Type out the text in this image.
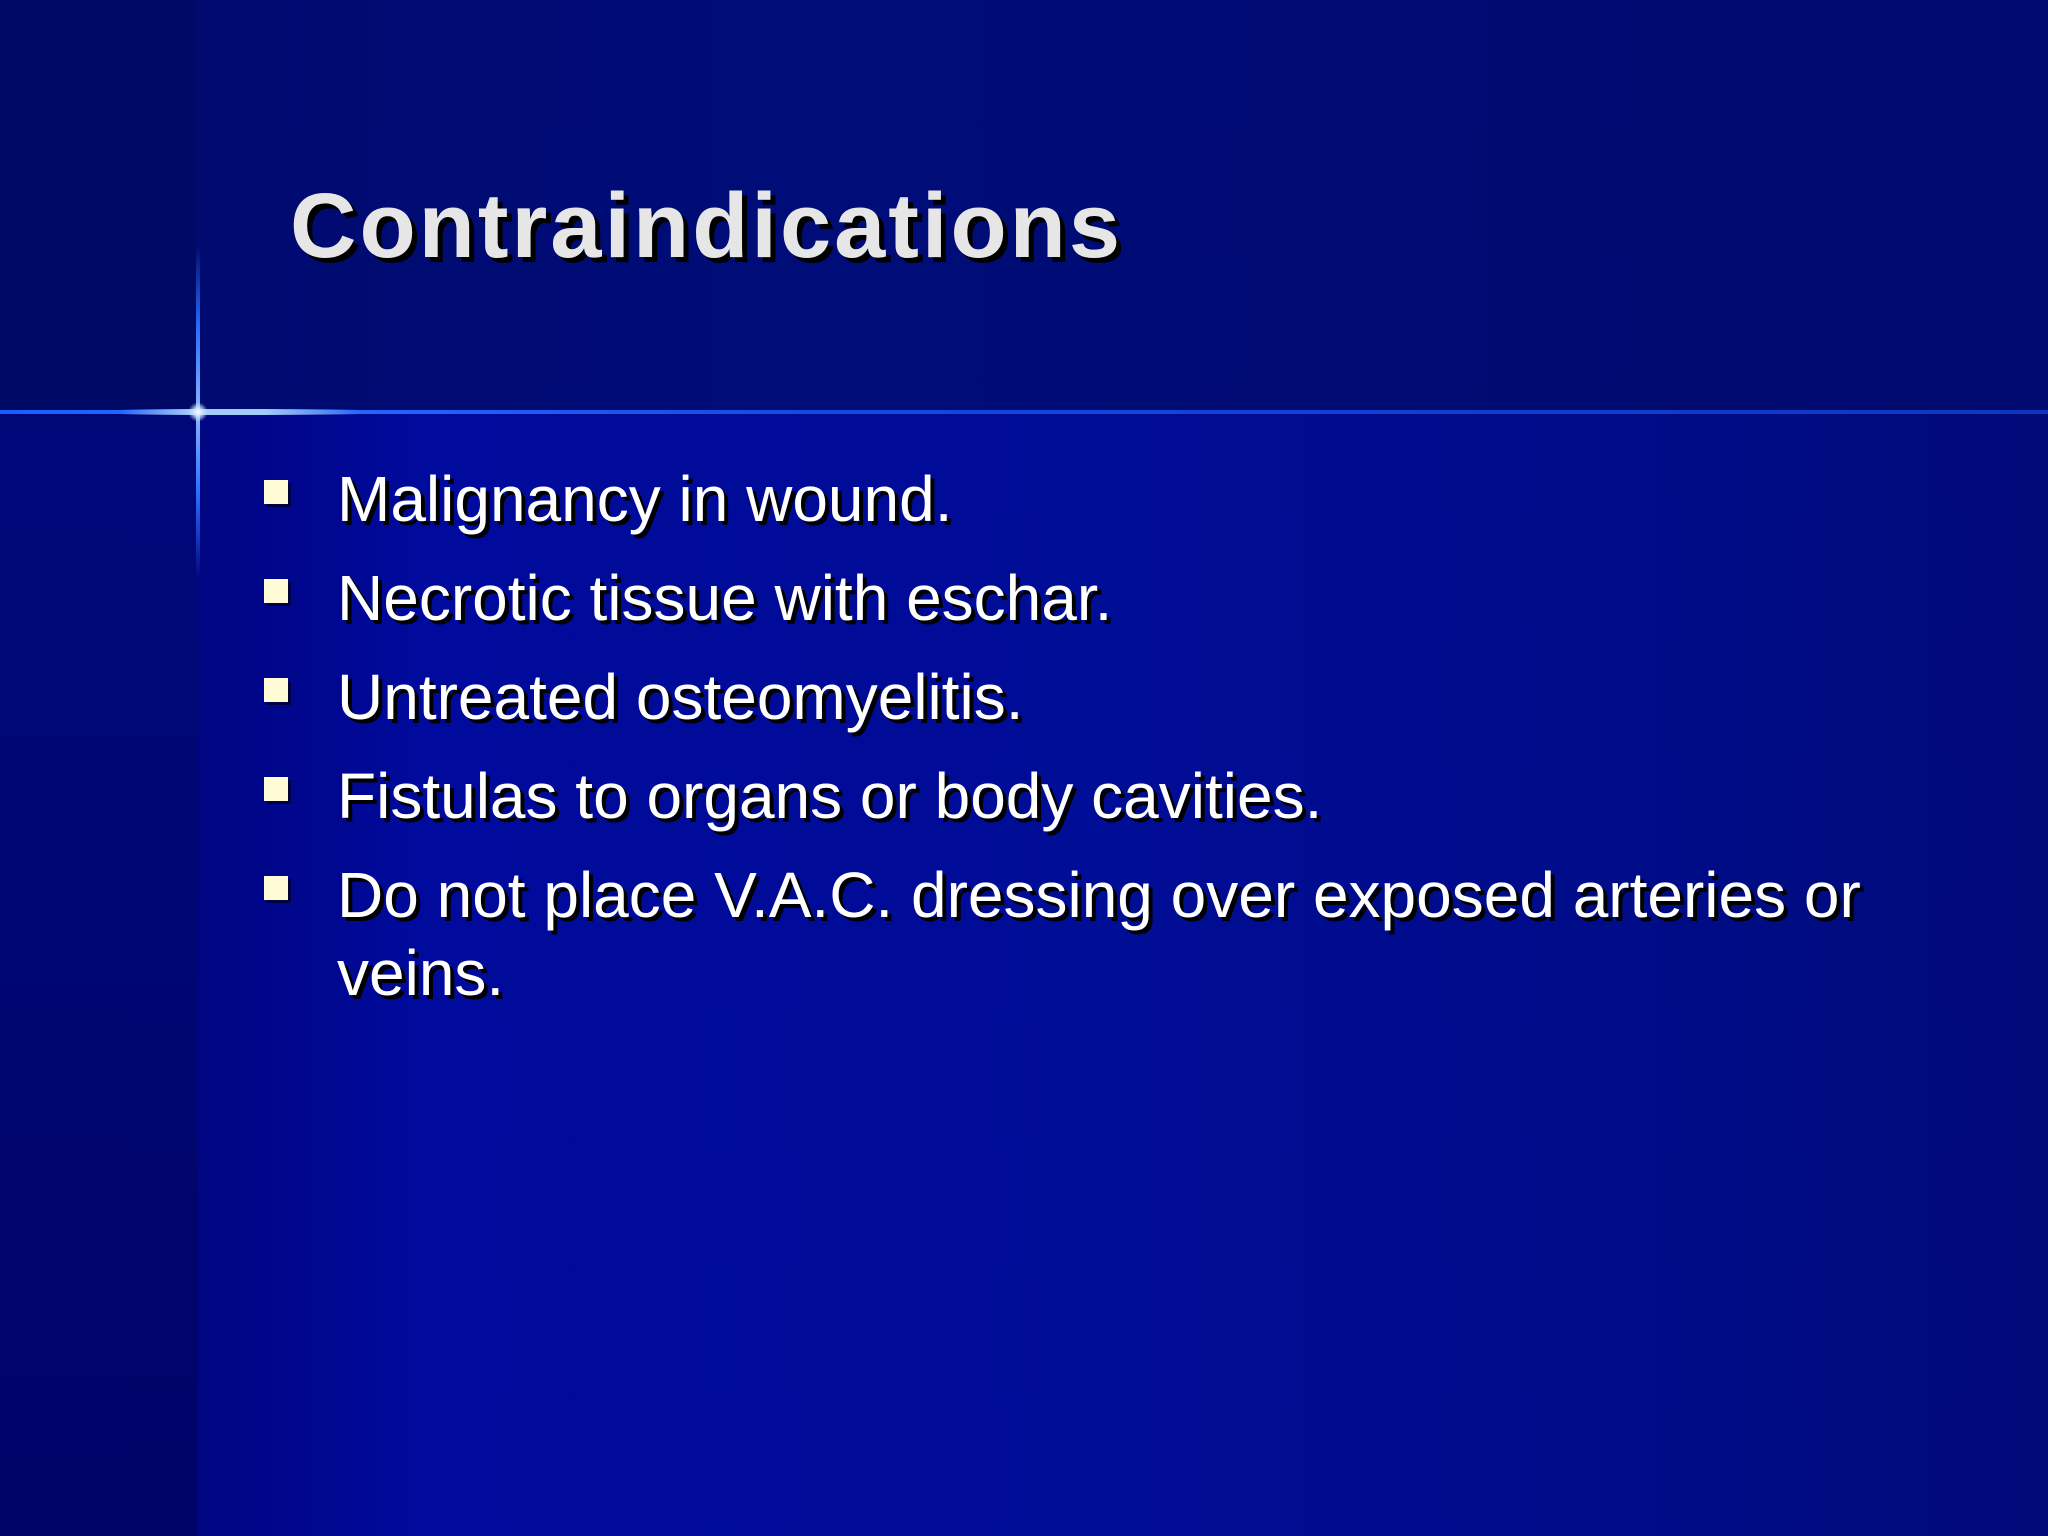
Contraindications
Malignancy in wound.
Necrotic tissue with eschar.
Untreated osteomyelitis.
Fistulas to organs or body cavities.
Do not place V.A.C. dressing over exposed arteries or veins.
